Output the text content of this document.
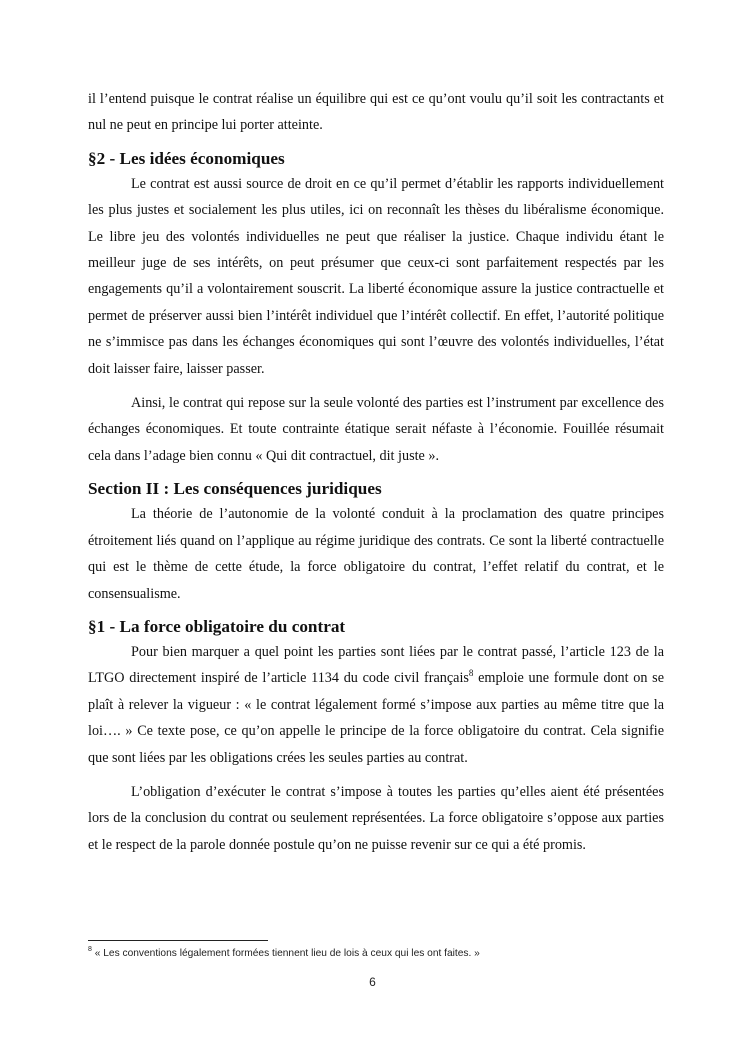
il l’entend puisque le contrat réalise un équilibre qui est ce qu’ont voulu qu’il soit les contractants et nul ne peut en principe lui porter atteinte.

§2 - Les idées économiques

Le contrat est aussi source de droit en ce qu’il permet d’établir les rapports individuellement les plus justes et socialement les plus utiles, ici on reconnaît les thèses du libéralisme économique. Le libre jeu des volontés individuelles ne peut que réaliser la justice. Chaque individu étant le meilleur juge de ses intérêts, on peut présumer que ceux-ci sont parfaitement respectés par les engagements qu’il a volontairement souscrit. La liberté économique assure la justice contractuelle et permet de préserver aussi bien l’intérêt individuel que l’intérêt collectif. En effet, l’autorité politique ne s’immisce pas dans les échanges économiques qui sont l’œuvre des volontés individuelles, l’état doit laisser faire, laisser passer.

Ainsi, le contrat qui repose sur la seule volonté des parties est l’instrument par excellence des échanges économiques. Et toute contrainte étatique serait néfaste à l’économie. Fouillée résumait cela dans l’adage bien connu « Qui dit contractuel, dit juste ».

Section II : Les conséquences juridiques

La théorie de l’autonomie de la volonté conduit à la proclamation des quatre principes étroitement liés quand on l’applique au régime juridique des contrats. Ce sont la liberté contractuelle qui est le thème de cette étude, la force obligatoire du contrat, l’effet relatif du contrat, et le consensualisme.

§1 - La force obligatoire du contrat

Pour bien marquer a quel point les parties sont liées par le contrat passé, l’article 123 de la LTGO directement inspiré de l’article 1134 du code civil français$^8$ emploie une formule dont on se plaît à relever la vigueur : « le contrat légalement formé s’impose aux parties au même titre que la loi…. » Ce texte pose, ce qu’on appelle le principe de la force obligatoire du contrat. Cela signifie que sont liées par les obligations crées les seules parties au contrat.

L’obligation d’exécuter le contrat s’impose à toutes les parties qu’elles aient été présentées lors de la conclusion du contrat ou seulement représentées. La force obligatoire s’oppose aux parties et le respect de la parole donnée postule qu’on ne puisse revenir sur ce qui a été promis.

$^8$ « Les conventions légalement formées tiennent lieu de lois à ceux qui les ont faites. »
6
